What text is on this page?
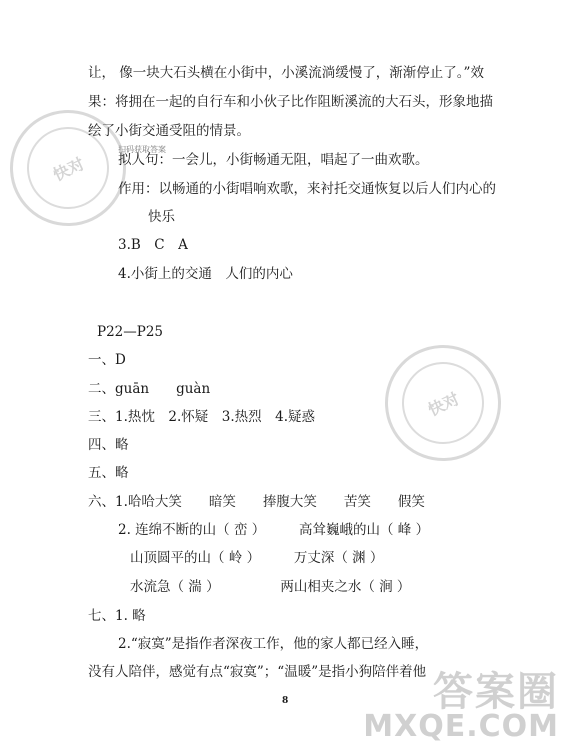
快对
快对
让， 像一块大石头横在小街中，小溪流淌缓慢了，渐渐停止了。”效
果：将拥在一起的自行车和小伙子比作阻断溪流的大石头，形象地描
绘了小街交通受阻的情景。
扫码获取答案
拟人句：一会儿，小街畅通无阻，唱起了一曲欢歌。
作用：以畅通的小街唱响欢歌，来衬托交通恢复以后人们内心的
快乐
3.B　C　A
4.小街上的交通　人们的内心
P22—P25
一、D
二、guān　　guàn
三、1.热忱　2.怀疑　3.热烈　4.疑惑
四、略
五、略
六、1.哈哈大笑　　暗笑　　捧腹大笑　　苦笑　　假笑
2. 连绵不断的山（ 峦 ）　　　高耸巍峨的山（ 峰 ）
山顶圆平的山（ 岭 ）　　　万丈深（ 渊 ）
水流急（ 湍 ）　　　　　两山相夹之水（ 涧 ）
七、1. 略
2.“寂寞”是指作者深夜工作，他的家人都已经入睡，
没有人陪伴，感觉有点“寂寞”；“温暖”是指小狗陪伴着他
8	答案圈
MXQE.COM
